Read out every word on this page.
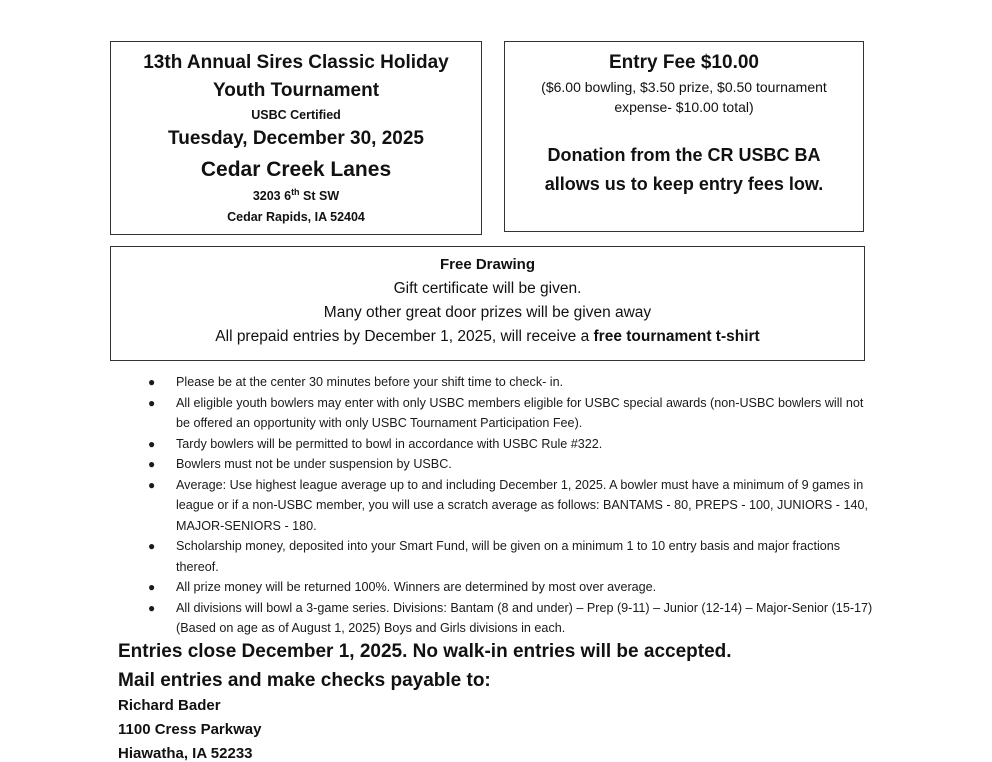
13th Annual Sires Classic Holiday
Youth Tournament
USBC Certified
Tuesday, December 30, 2025
Cedar Creek Lanes
3203 6th St SW
Cedar Rapids, IA 52404
Entry Fee $10.00
($6.00 bowling, $3.50 prize, $0.50 tournament
expense- $10.00 total)
Donation from the CR USBC BA
allows us to keep entry fees low.
Free Drawing
Gift certificate will be given.
Many other great door prizes will be given away
All prepaid entries by December 1, 2025, will receive a free tournament t-shirt
● Please be at the center 30 minutes before your shift time to check- in.
● All eligible youth bowlers may enter with only USBC members eligible for USBC special awards (non-USBC bowlers will not be offered an opportunity with only USBC Tournament Participation Fee).
● Tardy bowlers will be permitted to bowl in accordance with USBC Rule #322.
● Bowlers must not be under suspension by USBC.
● Average: Use highest league average up to and including December 1, 2025. A bowler must have a minimum of 9 games in league or if a non-USBC member, you will use a scratch average as follows: BANTAMS - 80, PREPS - 100, JUNIORS - 140, MAJOR-SENIORS - 180.
● Scholarship money, deposited into your Smart Fund, will be given on a minimum 1 to 10 entry basis and major fractions thereof.
● All prize money will be returned 100%. Winners are determined by most over average.
● All divisions will bowl a 3-game series. Divisions: Bantam (8 and under) – Prep (9-11) – Junior (12-14) – Major-Senior (15-17) (Based on age as of August 1, 2025) Boys and Girls divisions in each.
Entries close December 1, 2025. No walk-in entries will be accepted.
Mail entries and make checks payable to:
Richard Bader
1100 Cress Parkway
Hiawatha, IA 52233
